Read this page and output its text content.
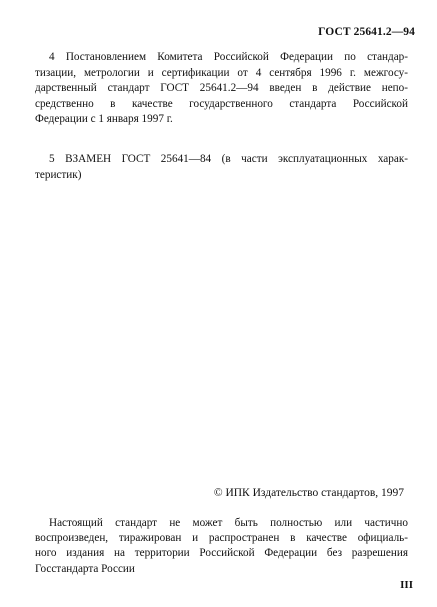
ГОСТ 25641.2—94
4 Постановлением Комитета Российской Федерации по стандар-
тизации, метрологии и сертификации от 4 сентября 1996 г. межгосу-
дарственный стандарт ГОСТ 25641.2—94 введен в действие непо-
средственно в качестве государственного стандарта Российской
Федерации с 1 января 1997 г.
5 ВЗАМЕН ГОСТ 25641—84 (в части эксплуатационных харак-
теристик)
© ИПК Издательство стандартов, 1997
Настоящий стандарт не может быть полностью или частично
воспроизведен, тиражирован и распространен в качестве официаль-
ного издания на территории Российской Федерации без разрешения
Госстандарта России
III
